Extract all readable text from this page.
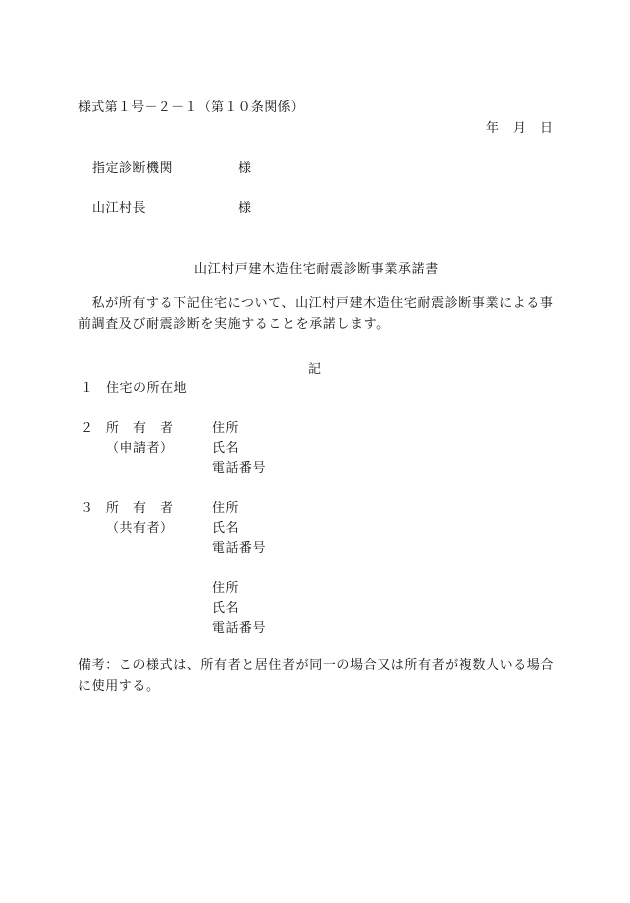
様式第１号－２－１（第１０条関係）
年　月　日
指定診断機関	様
山江村長	様
山江村戸建木造住宅耐震診断事業承諾書
　私が所有する下記住宅について、山江村戸建木造住宅耐震診断事業による事前調査及び耐震診断を実施することを承諾します。
記
１ 住宅の所在地
２ 所　有　者
（申請者）
住所
氏名
電話番号
３ 所　有　者
（共有者）
住所
氏名
電話番号
住所
氏名
電話番号
備考：この様式は、所有者と居住者が同一の場合又は所有者が複数人いる場合に使用する。
